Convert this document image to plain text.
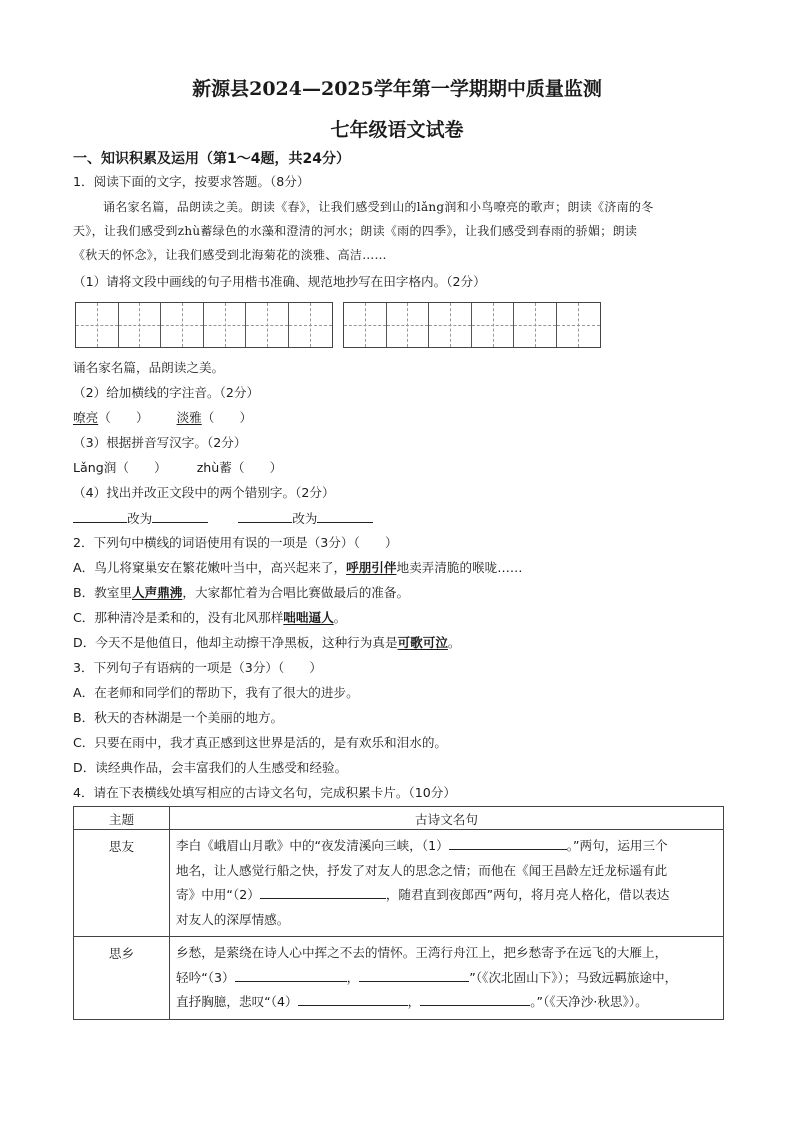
新源县2024—2025学年第一学期期中质量监测
七年级语文试卷
一、知识积累及运用（第1～4题，共24分）
1．阅读下面的文字，按要求答题。（8分）
诵名家名篇，品朗读之美。朗读《春》，让我们感受到山的lǎng润和小鸟嘹亮的歌声；朗读《济南的冬
天》，让我们感受到zhù蓄绿色的水藻和澄清的河水；朗读《雨的四季》，让我们感受到春雨的骄媚；朗读
《秋天的怀念》，让我们感受到北海菊花的淡雅、高洁……
（1）请将文段中画线的句子用楷书准确、规范地抄写在田字格内。（2分）
诵名家名篇，品朗读之美。
（2）给加横线的字注音。（2分）
嘹亮（　　） 淡雅（　　）
（3）根据拼音写汉字。（2分）
Lǎng润（　　） zhù蓄（　　）
（4）找出并改正文段中的两个错别字。（2分）
改为	改为
2．下列句中横线的词语使用有误的一项是（3分）（　　）
A．鸟儿将窠巢安在繁花嫩叶当中，高兴起来了，呼朋引伴地卖弄清脆的喉咙……
B．教室里人声鼎沸，大家都忙着为合唱比赛做最后的准备。
C．那种清冷是柔和的，没有北风那样咄咄逼人。
D．今天不是他值日，他却主动擦干净黑板，这种行为真是可歌可泣。
3．下列句子有语病的一项是（3分）（　　）
A．在老师和同学们的帮助下，我有了很大的进步。
B．秋天的杏林湖是一个美丽的地方。
C．只要在雨中，我才真正感到这世界是活的，是有欢乐和泪水的。
D．读经典作品，会丰富我们的人生感受和经验。
4．请在下表横线处填写相应的古诗文名句，完成积累卡片。（10分）
主题	古诗文名句
思友	李白《峨眉山月歌》中的“夜发清溪向三峡，（1） 。”两句，运用三个
地名，让人感觉行船之快，抒发了对友人的思念之情；而他在《闻王昌龄左迁龙标遥有此
寄》中用“（2） ，随君直到夜郎西”两句，将月亮人格化，借以表达
对友人的深厚情感。
思乡	乡愁，是萦绕在诗人心中挥之不去的情怀。王湾行舟江上，把乡愁寄予在远飞的大雁上，
轻吟“（3） ， ”（《次北固山下》）；马致远羁旅途中，
直抒胸臆，悲叹“（4） ， 。”（《天净沙·秋思》）。
